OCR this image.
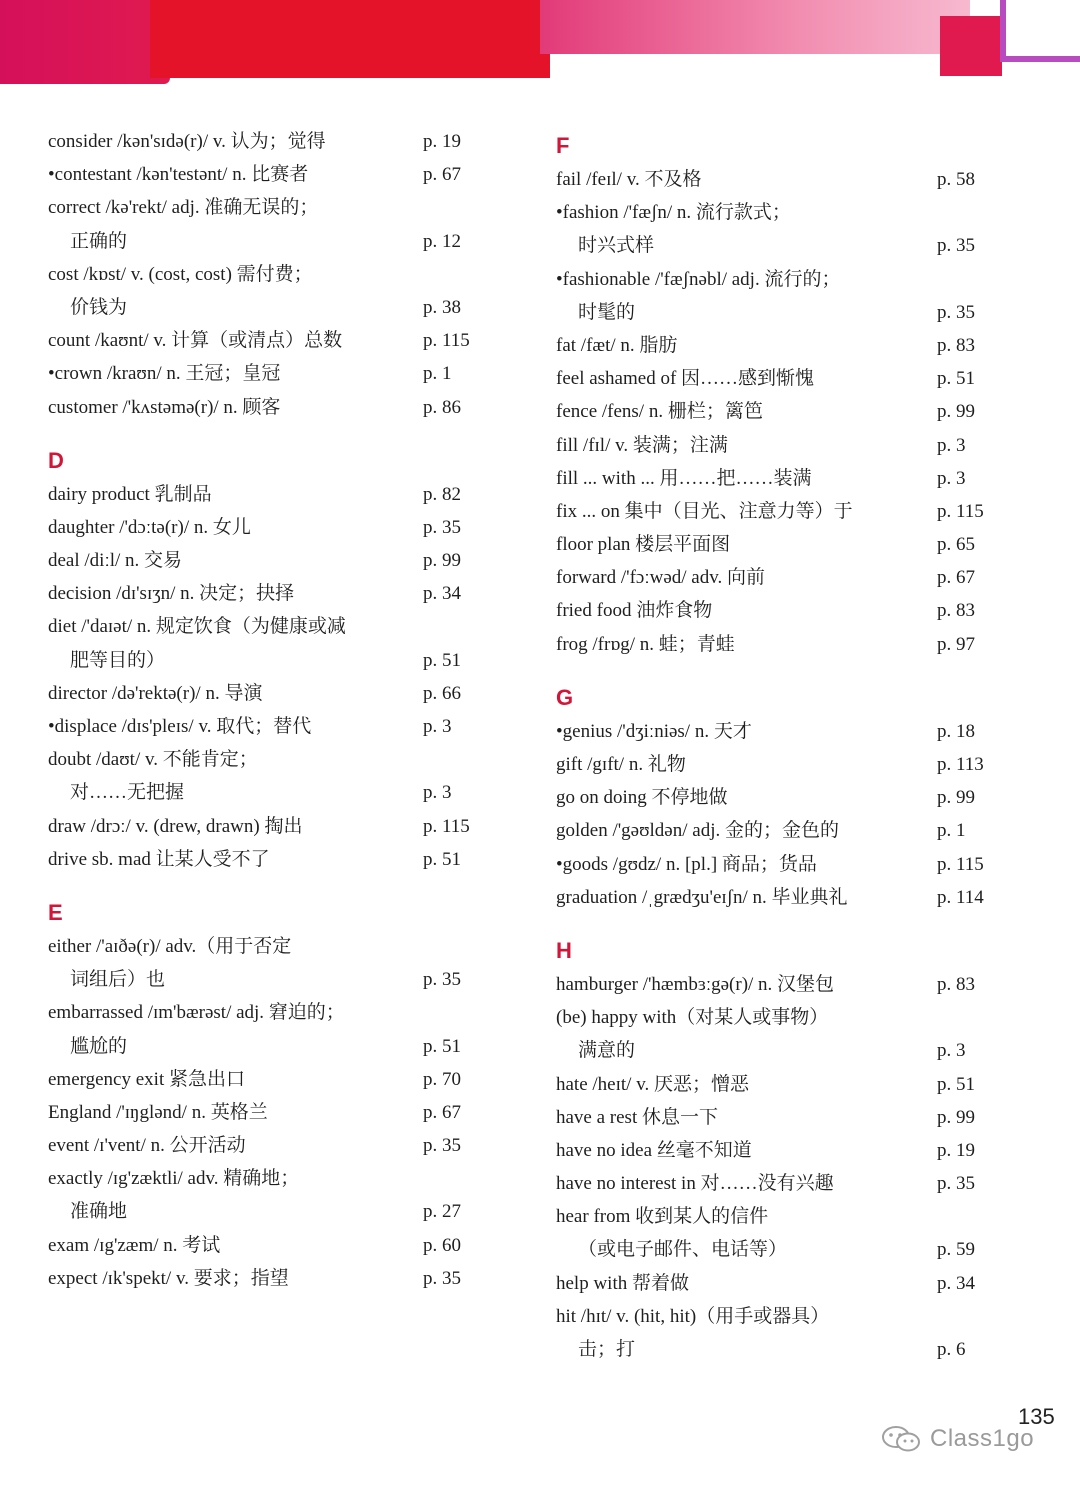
consider /kən'sɪdə(r)/ v. 认为；觉得	p. 19
•contestant /kən'testənt/ n. 比赛者	p. 67
correct /kə'rekt/ adj. 准确无误的；
正确的	p. 12
cost /kɒst/ v. (cost, cost) 需付费；
价钱为	p. 38
count /kaʊnt/ v. 计算（或清点）总数	p. 115
•crown /kraʊn/ n. 王冠；皇冠	p. 1
customer /'kʌstəmə(r)/ n. 顾客	p. 86
D
dairy product 乳制品	p. 82
daughter /'dɔːtə(r)/ n. 女儿	p. 35
deal /diːl/ n. 交易	p. 99
decision /dɪ'sɪʒn/ n. 决定；抉择	p. 34
diet /'daɪət/ n. 规定饮食（为健康或减
肥等目的）	p. 51
director /də'rektə(r)/ n. 导演	p. 66
•displace /dɪs'pleɪs/ v. 取代；替代	p. 3
doubt /daʊt/ v. 不能肯定；
对……无把握	p. 3
draw /drɔː/ v. (drew, drawn) 掏出	p. 115
drive sb. mad 让某人受不了	p. 51
E
either /'aɪðə(r)/ adv.（用于否定
词组后）也	p. 35
embarrassed /ɪm'bærəst/ adj. 窘迫的；
尴尬的	p. 51
emergency exit 紧急出口	p. 70
England /'ɪŋglənd/ n. 英格兰	p. 67
event /ɪ'vent/ n. 公开活动	p. 35
exactly /ɪg'zæktli/ adv. 精确地；
准确地	p. 27
exam /ɪg'zæm/ n. 考试	p. 60
expect /ɪk'spekt/ v. 要求；指望	p. 35
F
fail /feɪl/ v. 不及格	p. 58
•fashion /'fæʃn/ n. 流行款式；
时兴式样	p. 35
•fashionable /'fæʃnəbl/ adj. 流行的；
时髦的	p. 35
fat /fæt/ n. 脂肪	p. 83
feel ashamed of 因……感到惭愧	p. 51
fence /fens/ n. 栅栏；篱笆	p. 99
fill /fɪl/ v. 装满；注满	p. 3
fill ... with ... 用……把……装满	p. 3
fix ... on 集中（目光、注意力等）于	p. 115
floor plan 楼层平面图	p. 65
forward /'fɔːwəd/ adv. 向前	p. 67
fried food 油炸食物	p. 83
frog /frɒg/ n. 蛙；青蛙	p. 97
G
•genius /'dʒiːniəs/ n. 天才	p. 18
gift /gɪft/ n. 礼物	p. 113
go on doing 不停地做	p. 99
golden /'gəʊldən/ adj. 金的；金色的	p. 1
•goods /gʊdz/ n. [pl.] 商品；货品	p. 115
graduation /ˌgrædʒu'eɪʃn/ n. 毕业典礼	p. 114
H
hamburger /'hæmbɜːgə(r)/ n. 汉堡包	p. 83
(be) happy with（对某人或事物）
满意的	p. 3
hate /heɪt/ v. 厌恶；憎恶	p. 51
have a rest 休息一下	p. 99
have no idea 丝毫不知道	p. 19
have no interest in 对……没有兴趣	p. 35
hear from 收到某人的信件
（或电子邮件、电话等）	p. 59
help with 帮着做	p. 34
hit /hɪt/ v. (hit, hit)（用手或器具）
击；打	p. 6
135
Class1go
